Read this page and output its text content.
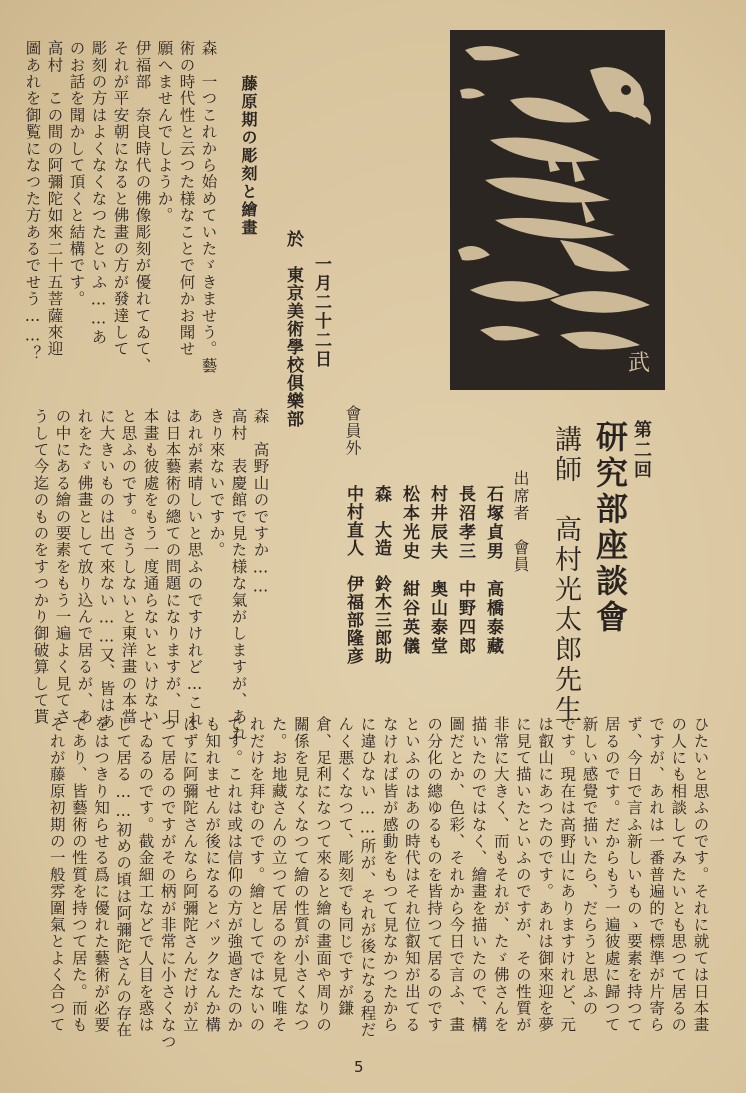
武
第二回
研究部座談會
講師　高村光太郎先生
出席者　會員
石塚貞男　高橋泰藏
長沼孝三　中野四郎
村井辰夫　奥山泰堂
松本光史　紺谷英儀
森　大造　鈴木三郎助
會員外
中村直人　伊福部隆彦
一月二十二日
於　東京美術學校倶樂部
藤原期の彫刻と繪畫
森　一つこれから始めていたゞきませう。藝
術の時代性と云つた様なことで何かお聞せ
願へませんでしようか。
伊福部　奈良時代の佛像彫刻が優れてゐて、
それが平安朝になると佛畫の方が發達して
彫刻の方はよくなくなつたといふ……あ
のお話を聞かして頂くと結構です。
高村　この間の阿彌陀如來二十五菩薩來迎
圖あれを御覧になつた方あるでせう……？
森　高野山のですか……
高村　表慶館で見た様な氣がしますが、あれ
きり來ないですか。
あれが素晴しいと思ふのですけれど…これ
は日本藝術の總ての問題になりますが、日
本畫も彼處をもう一度通らないといけない
と思ふのです。さうしないと東洋畫の本當
に大きいものは出て來ない……又、皆はあ
れをたゞ佛畫として放り込んで居るが、あ
の中にある繪の要素をもう一遍よく見てさ
うして今迄のものをすつかり御破算して貰
ひたいと思ふのです。それに就ては日本畫
の人にも相談してみたいとも思つて居るの
ですが、あれは一番普遍的で標準が片寄ら
ず、今日で言ふ新しいものゝ要素を持つて
居るのです。だからもう一遍彼處に歸つて
新しい感覺で描いたら、だらうと思ふの
です。現在は高野山にありますけれど、元
は叡山にあつたのです。あれは御來迎を夢
に見て描いたといふのですが、その性質が
非常に大きく、而もそれが、たゞ佛さんを
描いたのではなく、繪畫を描いたので、構
圖だとか、色彩、それから今日で言ふ、畫
の分化の總ゆるものを皆持つて居るのです
といふのはあの時代はそれ位叡知が出てる
なければ皆が感動をもつて見なかつたから
に違ひない……所が、それが後になる程だ
んく悪くなつて、彫刻でも同じですが鎌
倉、足利になつて來ると繪の畫面や周りの
關係を見なくなつて繪の性質が小さくなつ
た。お地藏さんの立つて居るのを見て唯そ
れだけを拜むのです。繪としてではないの
です。これは或は信仰の方が強過ぎたのか
も知れませんが後になるとバックなんか構
はずに阿彌陀さんなら阿彌陀さんだけが立
つて居るのですがその柄が非常に小さくなつ
てゐるのです。截金細工などで人目を惑は
して居る……初めの頃は阿彌陀さんの存在
をはつきり知らせる爲に優れた藝術が必要
であり、皆藝術の性質を持つて居た。而も
それが藤原初期の一般雰圍氣とよく合つて
5
